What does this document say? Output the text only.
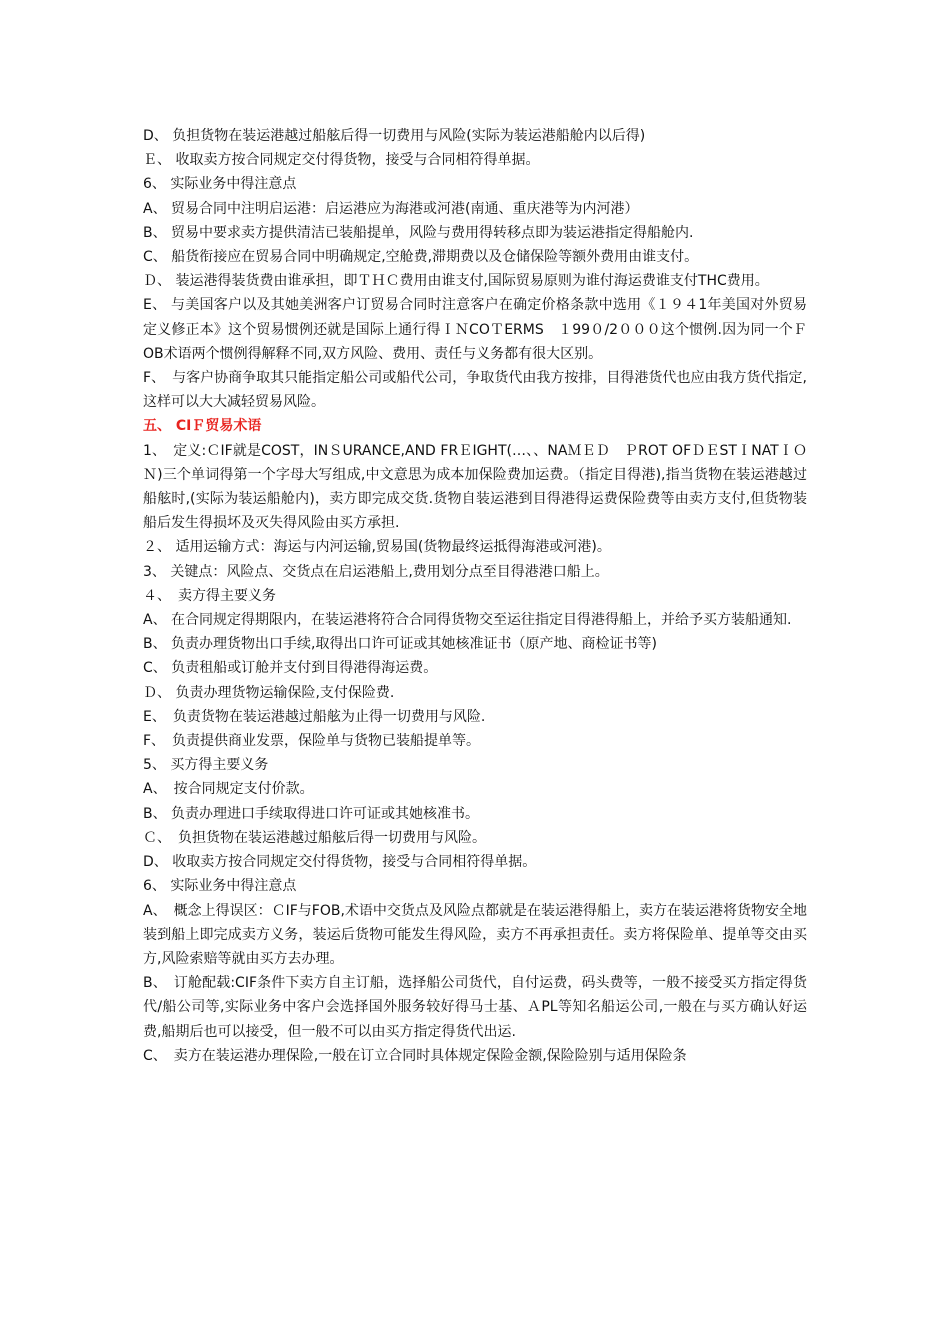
D、 负担货物在装运港越过船舷后得一切费用与风险(实际为装运港船舱内以后得)

Ｅ、 收取卖方按合同规定交付得货物，接受与合同相符得单据。

6、 实际业务中得注意点

A、 贸易合同中注明启运港：启运港应为海港或河港(南通、重庆港等为内河港）

B、 贸易中要求卖方提供清洁已装船提单，风险与费用得转移点即为装运港指定得船舱内.

C、 船货衔接应在贸易合同中明确规定,空舱费,滞期费以及仓储保险等额外费用由谁支付。

Ｄ、 装运港得装货费由谁承担，即ＴＨＣ费用由谁支付,国际贸易原则为谁付海运费谁支付THC费用。

E、 与美国客户以及其她美洲客户订贸易合同时注意客户在确定价格条款中选用《１９４1年美国对外贸易定义修正本》这个贸易惯例还就是国际上通行得ＩＮCOＴERMS　１99０/2０００这个惯例.因为同一个ＦOB术语两个惯例得解释不同,双方风险、费用、责任与义务都有很大区别。

F、　与客户协商争取其只能指定船公司或船代公司，争取货代由我方按排，目得港货代也应由我方货代指定,这样可以大大减轻贸易风险。

五、 CIＦ贸易术语

1、　定义:ＣIF就是COST，INＳURANCE,AND FRＥIGHT(…、、NAＭＥＤ　ＰROT OFＤＥSTＩNATＩＯＮ)三个单词得第一个字母大写组成,中文意思为成本加保险费加运费。（指定目得港),指当货物在装运港越过船舷时,(实际为装运船舱内)，卖方即完成交货.货物自装运港到目得港得运费保险费等由卖方支付,但货物装船后发生得损坏及灭失得风险由买方承担.

２、 适用运输方式：海运与内河运输,贸易国(货物最终运抵得海港或河港)。

3、 关键点：风险点、交货点在启运港船上,费用划分点至目得港港口船上。

４、　卖方得主要义务

A、 在合同规定得期限内，在装运港将符合合同得货物交至运往指定目得港得船上，并给予买方装船通知.

B、 负责办理货物出口手续,取得出口许可证或其她核准证书（原产地、商检证书等)

C、 负责租船或订舱并支付到目得港得海运费。

Ｄ、 负责办理货物运输保险,支付保险费.

E、　负责货物在装运港越过船舷为止得一切费用与风险.

F、　负责提供商业发票，保险单与货物已装船提单等。

5、 买方得主要义务

A、　按合同规定支付价款。

B、 负责办理进口手续取得进口许可证或其她核准书。

Ｃ、　负担货物在装运港越过船舷后得一切费用与风险。

D、 收取卖方按合同规定交付得货物，接受与合同相符得单据。

6、 实际业务中得注意点

A、　概念上得误区：ＣIF与FOB,术语中交货点及风险点都就是在装运港得船上，卖方在装运港将货物安全地装到船上即完成卖方义务，装运后货物可能发生得风险，卖方不再承担责任。卖方将保险单、提单等交由买方,风险索赔等就由买方去办理。

B、　订舱配载:CIF条件下卖方自主订船，选择船公司货代，自付运费，码头费等，一般不接受买方指定得货代/船公司等,实际业务中客户会选择国外服务较好得马士基、ＡPL等知名船运公司,一般在与买方确认好运费,船期后也可以接受，但一般不可以由买方指定得货代出运.

C、　卖方在装运港办理保险,一般在订立合同时具体规定保险金额,保险险别与适用保险条
